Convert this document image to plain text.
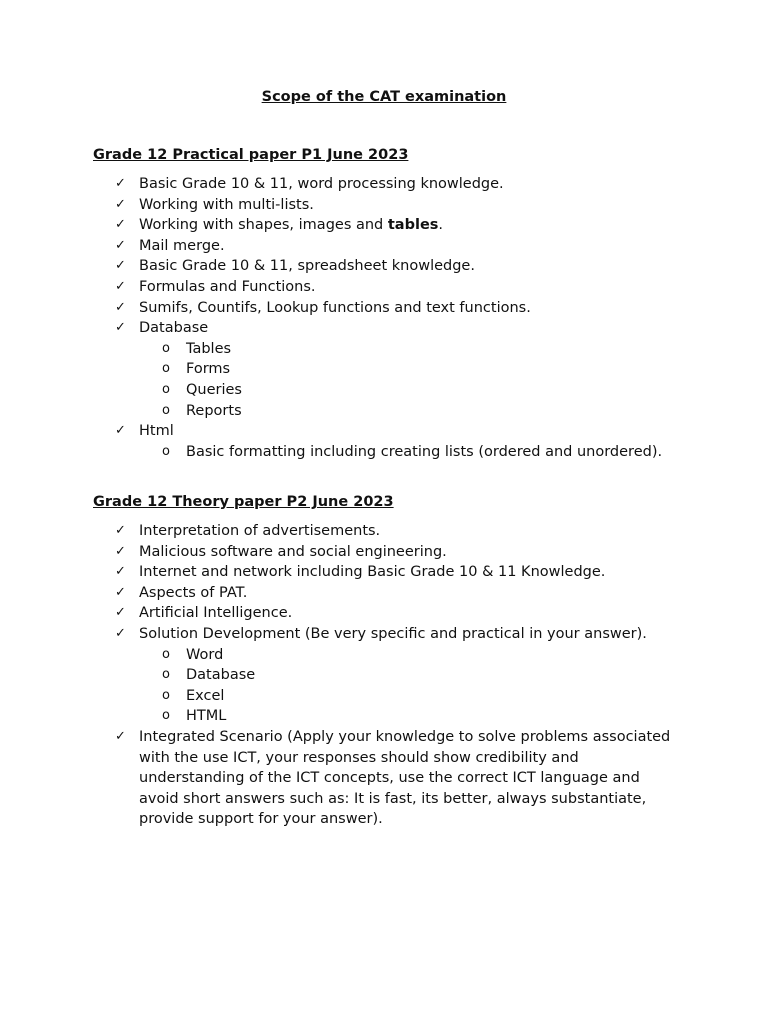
Scope of the CAT examination
Grade 12 Practical paper P1 June 2023
✓ Basic Grade 10 & 11, word processing knowledge.
✓ Working with multi-lists.
✓ Working with shapes, images and tables.
✓ Mail merge.
✓ Basic Grade 10 & 11, spreadsheet knowledge.
✓ Formulas and Functions.
✓ Sumifs, Countifs, Lookup functions and text functions.
✓ Database
o Tables
o Forms
o Queries
o Reports
✓ Html
o Basic formatting including creating lists (ordered and unordered).
Grade 12 Theory paper P2 June 2023
✓ Interpretation of advertisements.
✓ Malicious software and social engineering.
✓ Internet and network including Basic Grade 10 & 11 Knowledge.
✓ Aspects of PAT.
✓ Artificial Intelligence.
✓ Solution Development (Be very specific and practical in your answer).
o Word
o Database
o Excel
o HTML
✓ Integrated Scenario (Apply your knowledge to solve problems associated with the use ICT, your responses should show credibility and understanding of the ICT concepts, use the correct ICT language and avoid short answers such as: It is fast, its better, always substantiate, provide support for your answer).
